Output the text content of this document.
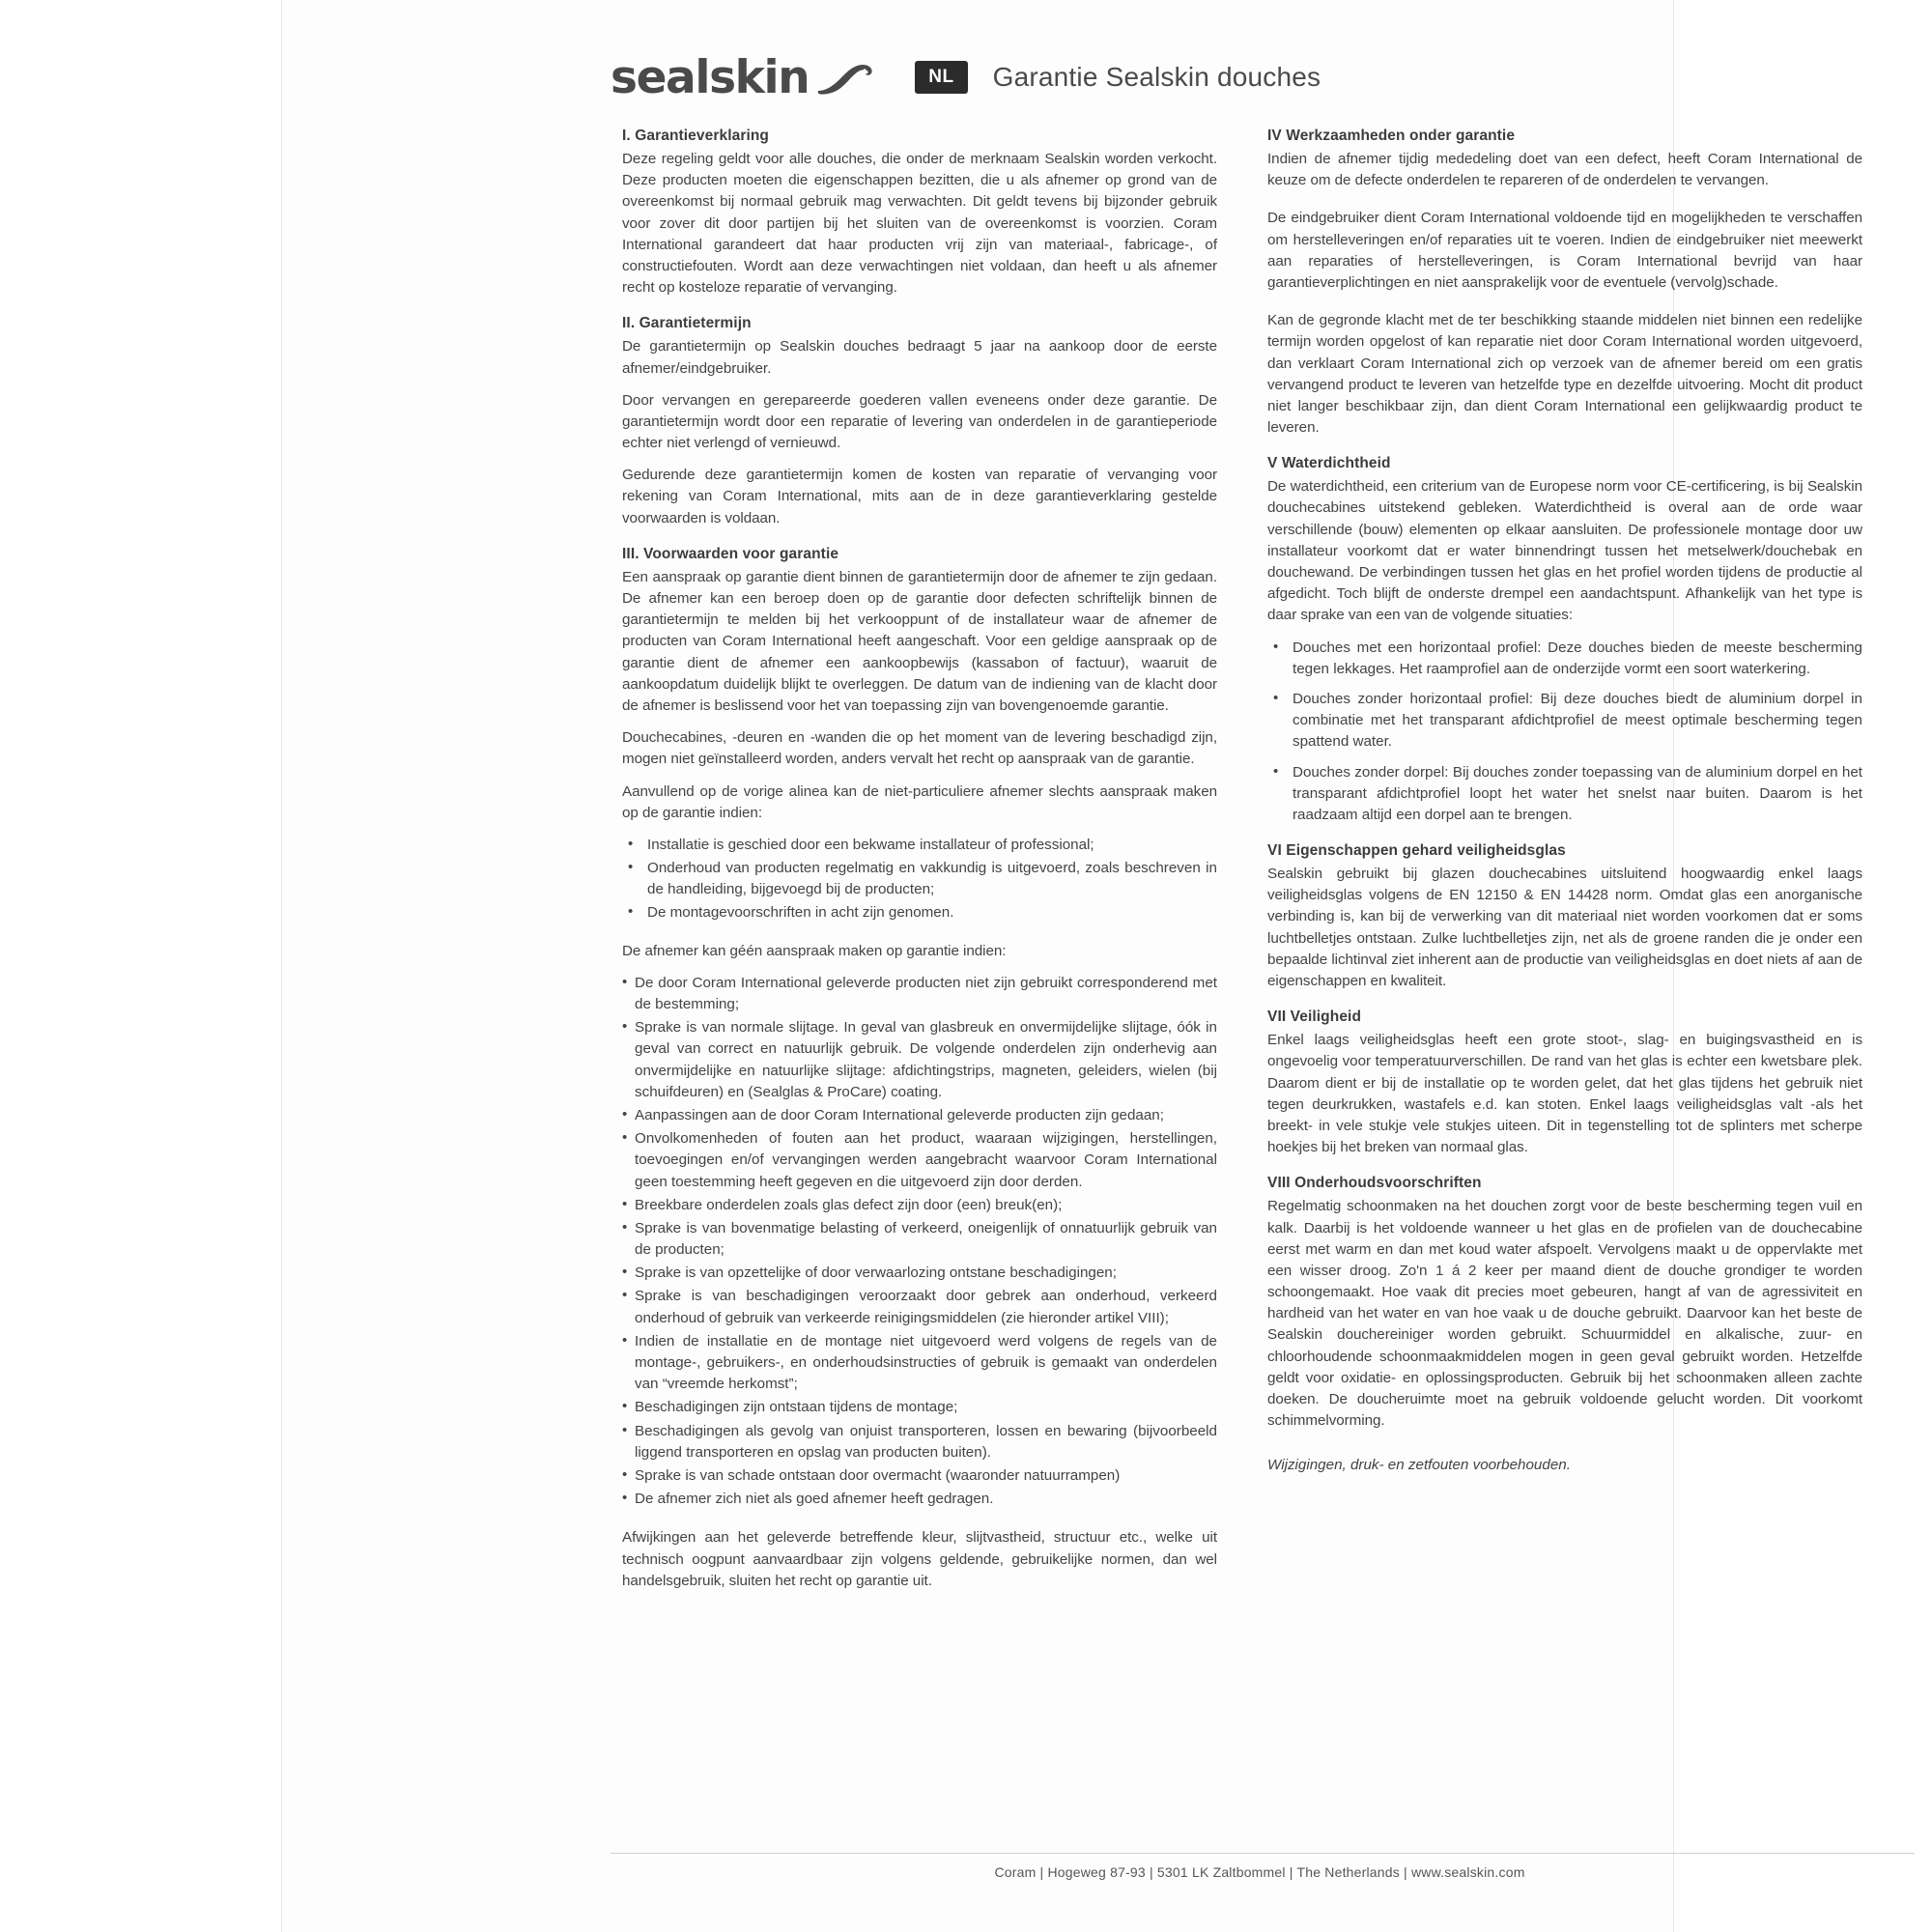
sealskin	NL	Garantie Sealskin douches
I. Garantieverklaring

Deze regeling geldt voor alle douches, die onder de merknaam Sealskin worden verkocht. Deze producten moeten die eigenschappen bezitten, die u als afnemer op grond van de overeenkomst bij normaal gebruik mag verwachten. Dit geldt tevens bij bijzonder gebruik voor zover dit door partijen bij het sluiten van de overeenkomst is voorzien. Coram International garandeert dat haar producten vrij zijn van materiaal-, fabricage-, of constructiefouten. Wordt aan deze verwachtingen niet voldaan, dan heeft u als afnemer recht op kosteloze reparatie of vervanging.

II. Garantietermijn

De garantietermijn op Sealskin douches bedraagt 5 jaar na aankoop door de eerste afnemer/eindgebruiker.

Door vervangen en gerepareerde goederen vallen eveneens onder deze garantie. De garantietermijn wordt door een reparatie of levering van onderdelen in de garantieperiode echter niet verlengd of vernieuwd.

Gedurende deze garantietermijn komen de kosten van reparatie of vervanging voor rekening van Coram International, mits aan de in deze garantieverklaring gestelde voorwaarden is voldaan.

III. Voorwaarden voor garantie

Een aanspraak op garantie dient binnen de garantietermijn door de afnemer te zijn gedaan. De afnemer kan een beroep doen op de garantie door defecten schriftelijk binnen de garantietermijn te melden bij het verkooppunt of de installateur waar de afnemer de producten van Coram International heeft aangeschaft. Voor een geldige aanspraak op de garantie dient de afnemer een aankoopbewijs (kassabon of factuur), waaruit de aankoopdatum duidelijk blijkt te overleggen. De datum van de indiening van de klacht door de afnemer is beslissend voor het van toepassing zijn van bovengenoemde garantie.

Douchecabines, -deuren en -wanden die op het moment van de levering beschadigd zijn, mogen niet geïnstalleerd worden, anders vervalt het recht op aanspraak van de garantie.

Aanvullend op de vorige alinea kan de niet-particuliere afnemer slechts aanspraak maken op de garantie indien:

• Installatie is geschied door een bekwame installateur of professional;
• Onderhoud van producten regelmatig en vakkundig is uitgevoerd, zoals beschreven in de handleiding, bijgevoegd bij de producten;
• De montagevoorschriften in acht zijn genomen.

De afnemer kan géén aanspraak maken op garantie indien:

• De door Coram International geleverde producten niet zijn gebruikt corresponderend met de bestemming;
• Sprake is van normale slijtage. In geval van glasbreuk en onvermijdelijke slijtage, óók in geval van correct en natuurlijk gebruik. De volgende onderdelen zijn onderhevig aan onvermijdelijke en natuurlijke slijtage: afdichtingstrips, magneten, geleiders, wielen (bij schuifdeuren) en (Sealglas & ProCare) coating.
• Aanpassingen aan de door Coram International geleverde producten zijn gedaan;
• Onvolkomenheden of fouten aan het product, waaraan wijzigingen, herstellingen, toevoegingen en/of vervangingen werden aangebracht waarvoor Coram International geen toestemming heeft gegeven en die uitgevoerd zijn door derden.
• Breekbare onderdelen zoals glas defect zijn door (een) breuk(en);
• Sprake is van bovenmatige belasting of verkeerd, oneigenlijk of onnatuurlijk gebruik van de producten;
• Sprake is van opzettelijke of door verwaarlozing ontstane beschadigingen;
• Sprake is van beschadigingen veroorzaakt door gebrek aan onderhoud, verkeerd onderhoud of gebruik van verkeerde reinigingsmiddelen (zie hieronder artikel VIII);
• Indien de installatie en de montage niet uitgevoerd werd volgens de regels van de montage-, gebruikers-, en onderhoudsinstructies of gebruik is gemaakt van onderdelen van “vreemde herkomst”;
• Beschadigingen zijn ontstaan tijdens de montage;
• Beschadigingen als gevolg van onjuist transporteren, lossen en bewaring (bijvoorbeeld liggend transporteren en opslag van producten buiten).
• Sprake is van schade ontstaan door overmacht (waaronder natuurrampen)
• De afnemer zich niet als goed afnemer heeft gedragen.

Afwijkingen aan het geleverde betreffende kleur, slijtvastheid, structuur etc., welke uit technisch oogpunt aanvaardbaar zijn volgens geldende, gebruikelijke normen, dan wel handelsgebruik, sluiten het recht op garantie uit.

IV Werkzaamheden onder garantie

Indien de afnemer tijdig mededeling doet van een defect, heeft Coram International de keuze om de defecte onderdelen te repareren of de onderdelen te vervangen.

De eindgebruiker dient Coram International voldoende tijd en mogelijkheden te verschaffen om herstelleveringen en/of reparaties uit te voeren. Indien de eindgebruiker niet meewerkt aan reparaties of herstelleveringen, is Coram International bevrijd van haar garantieverplichtingen en niet aansprakelijk voor de eventuele (vervolg)schade.

Kan de gegronde klacht met de ter beschikking staande middelen niet binnen een redelijke termijn worden opgelost of kan reparatie niet door Coram International worden uitgevoerd, dan verklaart Coram International zich op verzoek van de afnemer bereid om een gratis vervangend product te leveren van hetzelfde type en dezelfde uitvoering. Mocht dit product niet langer beschikbaar zijn, dan dient Coram International een gelijkwaardig product te leveren.

V Waterdichtheid

De waterdichtheid, een criterium van de Europese norm voor CE-certificering, is bij Sealskin douchecabines uitstekend gebleken. Waterdichtheid is overal aan de orde waar verschillende (bouw) elementen op elkaar aansluiten. De professionele montage door uw installateur voorkomt dat er water binnendringt tussen het metselwerk/douchebak en douchewand. De verbindingen tussen het glas en het profiel worden tijdens de productie al afgedicht. Toch blijft de onderste drempel een aandachtspunt. Afhankelijk van het type is daar sprake van een van de volgende situaties:

• Douches met een horizontaal profiel: Deze douches bieden de meeste bescherming tegen lekkages. Het raamprofiel aan de onderzijde vormt een soort waterkering.
• Douches zonder horizontaal profiel: Bij deze douches biedt de aluminium dorpel in combinatie met het transparant afdichtprofiel de meest optimale bescherming tegen spattend water.
• Douches zonder dorpel: Bij douches zonder toepassing van de aluminium dorpel en het transparant afdichtprofiel loopt het water het snelst naar buiten. Daarom is het raadzaam altijd een dorpel aan te brengen.
VI Eigenschappen gehard veiligheidsglas

Sealskin gebruikt bij glazen douchecabines uitsluitend hoogwaardig enkel laags veiligheidsglas volgens de EN 12150 & EN 14428 norm. Omdat glas een anorganische verbinding is, kan bij de verwerking van dit materiaal niet worden voorkomen dat er soms luchtbelletjes ontstaan. Zulke luchtbelletjes zijn, net als de groene randen die je onder een bepaalde lichtinval ziet inherent aan de productie van veiligheidsglas en doet niets af aan de eigenschappen en kwaliteit.

VII Veiligheid

Enkel laags veiligheidsglas heeft een grote stoot-, slag- en buigingsvastheid en is ongevoelig voor temperatuurverschillen. De rand van het glas is echter een kwetsbare plek. Daarom dient er bij de installatie op te worden gelet, dat het glas tijdens het gebruik niet tegen deurkrukken, wastafels e.d. kan stoten. Enkel laags veiligheidsglas valt -als het breekt- in vele stukje vele stukjes uiteen. Dit in tegenstelling tot de splinters met scherpe hoekjes bij het breken van normaal glas.

VIII Onderhoudsvoorschriften

Regelmatig schoonmaken na het douchen zorgt voor de beste bescherming tegen vuil en kalk. Daarbij is het voldoende wanneer u het glas en de profielen van de douchecabine eerst met warm en dan met koud water afspoelt. Vervolgens maakt u de oppervlakte met een wisser droog. Zo'n 1 á 2 keer per maand dient de douche grondiger te worden schoongemaakt. Hoe vaak dit precies moet gebeuren, hangt af van de agressiviteit en hardheid van het water en van hoe vaak u de douche gebruikt. Daarvoor kan het beste de Sealskin douchereiniger worden gebruikt. Schuurmiddel en alkalische, zuur- en chloorhoudende schoonmaakmiddelen mogen in geen geval gebruikt worden. Hetzelfde geldt voor oxidatie- en oplossingsproducten. Gebruik bij het schoonmaken alleen zachte doeken. De doucheruimte moet na gebruik voldoende gelucht worden. Dit voorkomt schimmelvorming.

Wijzigingen, druk- en zetfouten voorbehouden.

Coram | Hogeweg 87-93 | 5301 LK Zaltbommel | The Netherlands | www.sealskin.com
